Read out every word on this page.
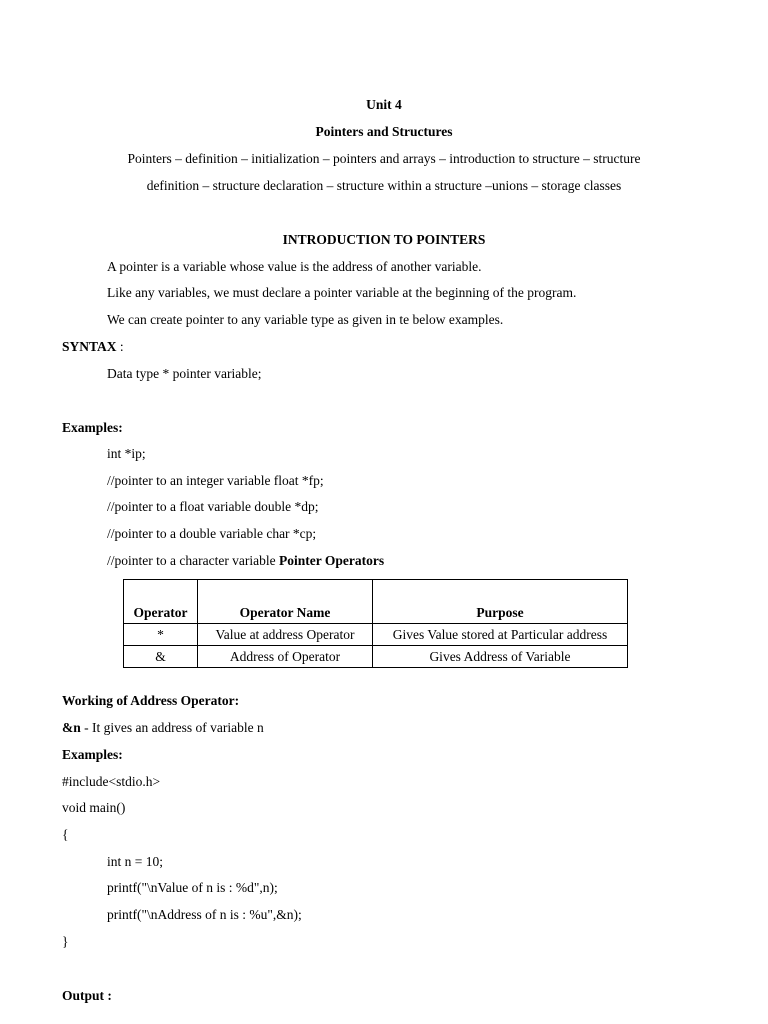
Unit 4
Pointers and Structures
Pointers – definition – initialization – pointers and arrays – introduction to structure – structure
definition – structure declaration – structure within a structure –unions – storage classes
INTRODUCTION TO POINTERS
A pointer is a variable whose value is the address of another variable.
Like any variables, we must declare a pointer variable at the beginning of the program.
We can create pointer to any variable type as given in te below examples.
SYNTAX :
Data type * pointer variable;
Examples:
int *ip;
//pointer to an integer variable float *fp;
//pointer to a float variable double *dp;
//pointer to a double variable char *cp;
//pointer to a character variable Pointer Operators
Operator	Operator Name	Purpose
*	Value at address Operator	Gives Value stored at Particular address
&	Address of Operator	Gives Address of Variable
Working of Address Operator:
&n - It gives an address of variable n
Examples:
#include<stdio.h>
void main()
{
int n = 10;
printf("\nValue of n is : %d",n);
printf("\nAddress of n is : %u",&n);
}
Output :
